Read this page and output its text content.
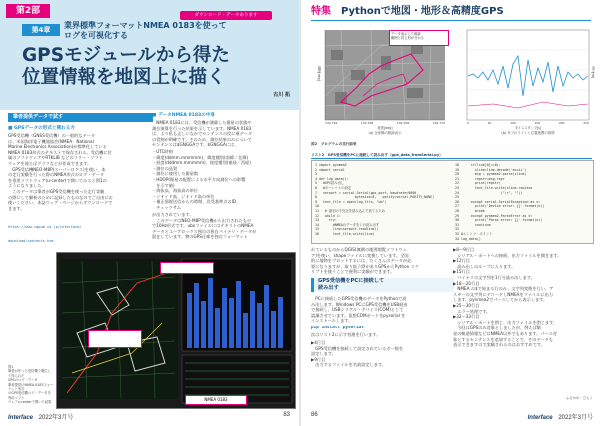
第2部	ダウンロード・データあります
第4章	業界標準フォーマットNMEA 0183を使って
ログを可視化する
GPSモジュールから得た
位置情報を地図上に描く
古川 拓
筆者提供データで試す
■ GPSデータの形式と関わる方
GPS受信機（GNSS受信機）の一般的なデータ
は、米国海洋電子機器協会(NMEA：National
Marine Electronics Association)が標準化している
NMEA 0183形式のテキストで保存される。受信機に付
属のソフトウェアやRTKLIB などのフリー・ソフト
ウェアを使えばグラフなどが作成できます。
　GPS受信機NEO-M8P(スーパーロケス)を使い、本
の走行実験を行った際のNMEA形式のログ・データ
を専用ソフトウェア(u-center)で開いてみると図1の
ようになりました。
　このデータは筆者がGPS受信機を使った走行実験
の際にして解析のために記録したものなのでご自由にお
使いください。本誌ウェブ・ページからダウンロードで
きます。

https://www.cqpub.co.jp/interface/

download/contents.htm

■ データNMEA 0183の中身
　NMEA 0183には、受信機が測量した衛星の状態や
測位演算を行った結果を示しています。NMEA 0183
は、より私も正しいなかでセンテンスの役に乗データ
の役割が明確です。そのため、測位結果のみについて
センテンスは$GNGGAです。$GNGGAには、
・UTC時刻
・緯度(ddmm.mmmmm)、緯度種別(南緯／北緯)
・経度(dddmm.mmmmm)、経度種別(東経／西経)
・測位の品質
・測位に使用した衛星数
・HDOP(衛星の配置による水平方向測位への影響
　を示す値)
・海抜高、海抜高の単位
・ジオイド高、ジオイド高の単位
・補正情報送信からの時間、送受基準点のID、
　チェックサム
が出力されています。
　このデータはNEO-M8P受信機から出力されたもの
で10Hz形式です。ubxファイルにはテキストのNMEA
データとユーブロックス独自の独自バイナリ・データが
混在しています。物のGPS仕様を独自フォーマット
NMEA 0183
図1
筆者が作った受信機で測位して得られた
GPSのログ・データ
筆者提供のNMEA 0183フォーマット形式
のGPS受信機ログ・データを専用ソフト
ウェアu-centerで開いた結果
Interface 2022年3月号	83
特集	Pythonで地図・地形＆高精度GPS
データ表示した軌跡
範囲と同じ形が分かる
緯度[deg]
139.764	139.766	139.768	139.770
経度[deg]
(a) 全体横の軌跡表示
高さ[m]
0	50	100	150	200	250
タイムスタンプ[s]
(b) タブのライトと位置座標の推移
図2　プログラムの実行結果
リスト2　GPS受信機をPCに接続して読み出す（gps_data_fromSerial.py）
1 import pynmea2
2 import serial
3
4 def log_data():
5   #GPS読み出し
6   #ボーレートの設定
7   serport = serial.Serial(gps_port, baudrate=9600,
8                   bytesize=8,   parity=serial.PARITY_NONE)
9   text_file = open(log_file, "wb")
10
11   # 最初の不完全を読み込んで捨てるため
12   while 1:
13     try:
14       #NMEAのデータを１行読み出す
15       line=serport.readline()
16       text_file.write(line)
18      if(line[0]==0):
19        sline=line.decode('ascii')
20        msg = pynmea2.parse(sline)
21        repstr=msg.repr
22        print(repstr)
23        text_file.write(sline.replace
24                     ("\r", ""))
25
26      except serial.SerialException as e:
27        print('Device error: {}'.format(e))
28        break
29      except pynmea2.ParseError as e:
30        print('Parse error: {}'.format(e))
31        continue
32
33 #エントリ・ポイント
34 log_data()
れているものからQGIS(無償の地図閲覧ソフトウェ
ア)を使い、shapeファイルに変換しています。全国
的に地物をプロットするには、たくさんのデータが必
要になりますが、取り扱う際がありGPSからPython スク
リプトを使うことで便利に実験ができます。
GPS受信機をPCに接続して
読み出す
　PCに接続したGPS受信機のデータをPythonで読
み出します。Windows PCにGPS受信機をUSB経由
で接続し、USBシリアル・デバイス(COM)として
認識させています。仮想COMポートをpyserial を
インストールします。
pip install pyserial
次はリスト2に示す処理を行います。
▶4行目
　GPS受信機を接続して設定されているボー数を
設定します。
▶9行目
　出力するファイルを名前設定します。
▶8～9行目
　シリアル・ポートへの接続、出力ファイルを開きます。
▶12行目
　読み出しのループに入ります。
▶15行目
　バイナリの文字列を1行分読み出します。
▶18～20行目
　NMEA の$で始まる行のみ、文字列変換を行い、ア
スキーの文字列にデコードしNMEAをファイルに出力
します。pynmea2でパースしてから表示します。
▶25～30行目
　エラー処理です。
▶32～33行目
　シリアル・ポートを閉じ、出力ファイルを閉じます。
　今回はGPSのみ対象としましたが、例えば衛
星の軌道情報などはNMEA以外でもあります。パース対
象とするセンテンスを追加することで、そのデータも
表示できますので実験されるのはおすすめです。
ふるかわ・ひらく
86	Interface 2022年3月号
